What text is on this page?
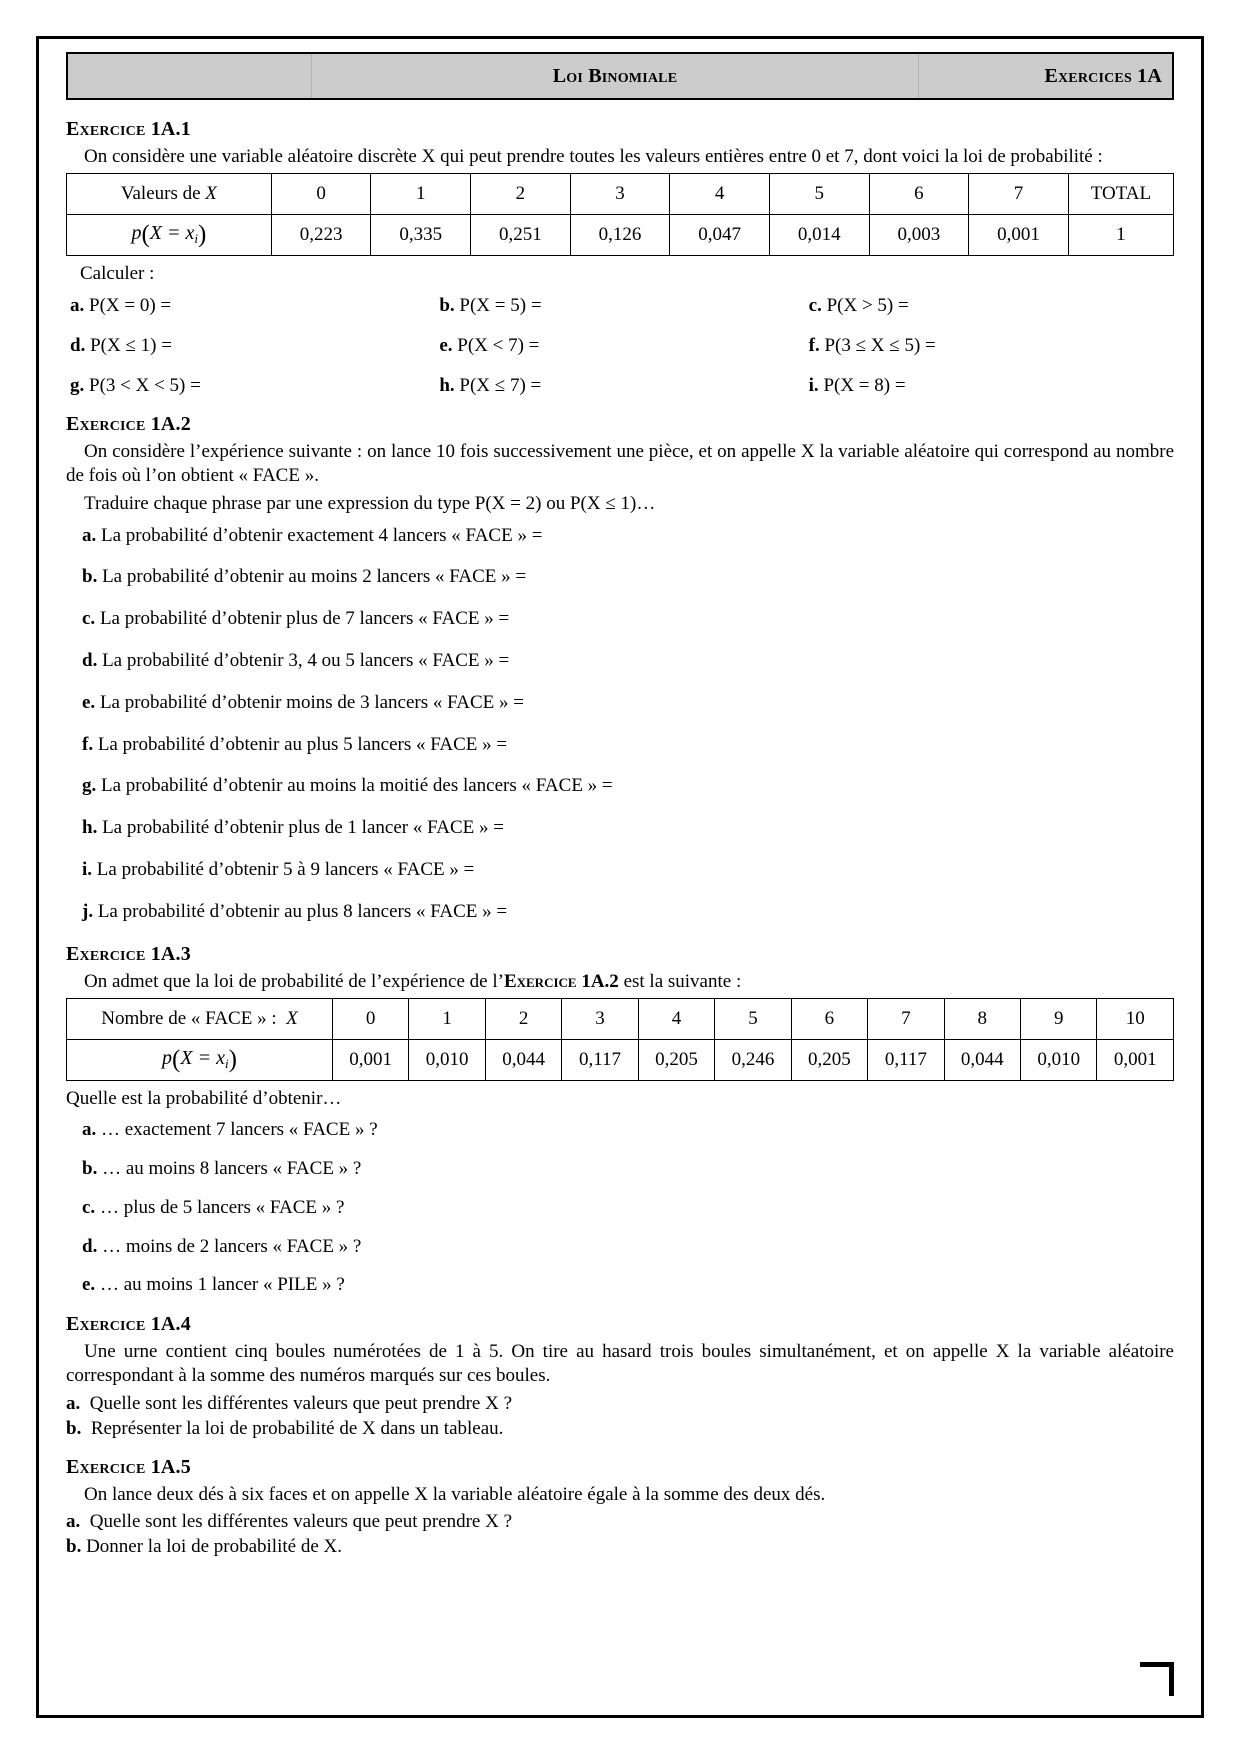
Loi Binomiale	Exercices 1A
Exercice 1A.1
On considère une variable aléatoire discrète X qui peut prendre toutes les valeurs entières entre 0 et 7, dont voici la loi de probabilité :
Valeurs de X	0	1	2	3	4	5	6	7	TOTAL
$p(X = x_i)$	0,223	0,335	0,251	0,126	0,047	0,014	0,003	0,001	1
Calculer :
a. P(X = 0) =	b. P(X = 5) =	c. P(X > 5) =
d. P(X ≤ 1) =	e. P(X < 7) =	f. P(3 ≤ X ≤ 5) =
g. P(3 < X < 5) =	h. P(X ≤ 7) =	i. P(X = 8) =
Exercice 1A.2
On considère l’expérience suivante : on lance 10 fois successivement une pièce, et on appelle X la variable aléatoire qui correspond au nombre de fois où l’on obtient « FACE ».
Traduire chaque phrase par une expression du type P(X = 2) ou P(X ≤ 1)…
a. La probabilité d’obtenir exactement 4 lancers « FACE » =
b. La probabilité d’obtenir au moins 2 lancers « FACE » =
c. La probabilité d’obtenir plus de 7 lancers « FACE » =
d. La probabilité d’obtenir 3, 4 ou 5 lancers « FACE » =
e. La probabilité d’obtenir moins de 3 lancers « FACE » =
f. La probabilité d’obtenir au plus 5 lancers « FACE » =
g. La probabilité d’obtenir au moins la moitié des lancers « FACE » =
h. La probabilité d’obtenir plus de 1 lancer « FACE » =
i. La probabilité d’obtenir 5 à 9 lancers « FACE » =
j. La probabilité d’obtenir au plus 8 lancers « FACE » =
Exercice 1A.3
On admet que la loi de probabilité de l’expérience de l’Exercice 1A.2 est la suivante :
Nombre de « FACE » :  X	0	1	2	3	4	5	6	7	8	9	10
$p(X = x_i)$	0,001	0,010	0,044	0,117	0,205	0,246	0,205	0,117	0,044	0,010	0,001
Quelle est la probabilité d’obtenir…
a. … exactement 7 lancers « FACE » ?
b. … au moins 8 lancers « FACE » ?
c. … plus de 5 lancers « FACE » ?
d. … moins de 2 lancers « FACE » ?
e. … au moins 1 lancer « PILE » ?
Exercice 1A.4
Une urne contient cinq boules numérotées de 1 à 5. On tire au hasard trois boules simultanément, et on appelle X la variable aléatoire correspondant à la somme des numéros marqués sur ces boules.
a. Quelle sont les différentes valeurs que peut prendre X ?
b. Représenter la loi de probabilité de X dans un tableau.
Exercice 1A.5
On lance deux dés à six faces et on appelle X la variable aléatoire égale à la somme des deux dés.
a. Quelle sont les différentes valeurs que peut prendre X ?
b. Donner la loi de probabilité de X.
